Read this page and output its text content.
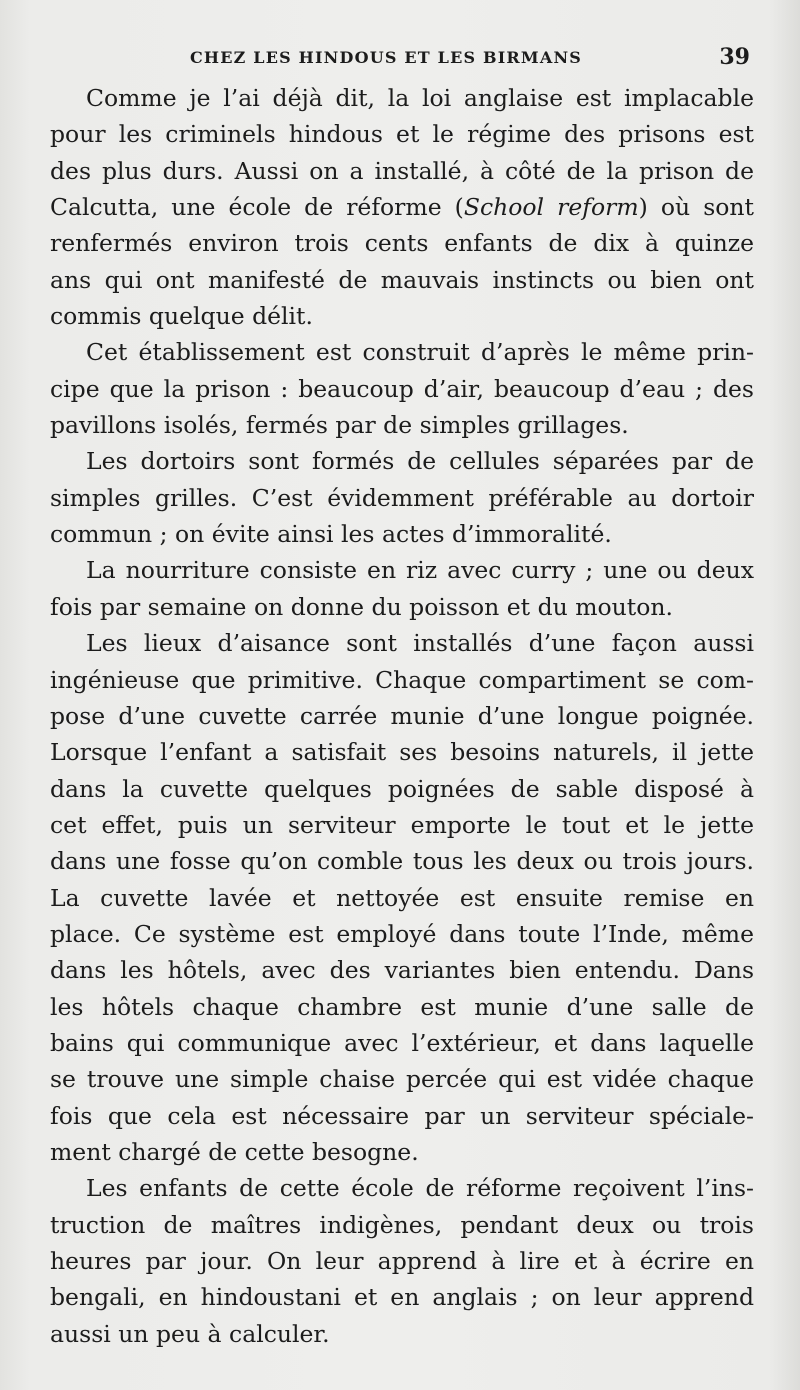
CHEZ LES HINDOUS ET LES BIRMANS	39
Comme je l’ai déjà dit, la loi anglaise est implacable
pour les criminels hindous et le régime des prisons est
des plus durs. Aussi on a installé, à côté de la prison de
Calcutta, une école de réforme (School reform) où sont
renfermés environ trois cents enfants de dix à quinze
ans qui ont manifesté de mauvais instincts ou bien ont
commis quelque délit.
Cet établissement est construit d’après le même prin-
cipe que la prison : beaucoup d’air, beaucoup d’eau ; des
pavillons isolés, fermés par de simples grillages.
Les dortoirs sont formés de cellules séparées par de
simples grilles. C’est évidemment préférable au dortoir
commun ; on évite ainsi les actes d’immoralité.
La nourriture consiste en riz avec curry ; une ou deux
fois par semaine on donne du poisson et du mouton.
Les lieux d’aisance sont installés d’une façon aussi
ingénieuse que primitive. Chaque compartiment se com-
pose d’une cuvette carrée munie d’une longue poignée.
Lorsque l’enfant a satisfait ses besoins naturels, il jette
dans la cuvette quelques poignées de sable disposé à
cet effet, puis un serviteur emporte le tout et le jette
dans une fosse qu’on comble tous les deux ou trois jours.
La cuvette lavée et nettoyée est ensuite remise en
place. Ce système est employé dans toute l’Inde, même
dans les hôtels, avec des variantes bien entendu. Dans
les hôtels chaque chambre est munie d’une salle de
bains qui communique avec l’extérieur, et dans laquelle
se trouve une simple chaise percée qui est vidée chaque
fois que cela est nécessaire par un serviteur spéciale-
ment chargé de cette besogne.
Les enfants de cette école de réforme reçoivent l’ins-
truction de maîtres indigènes, pendant deux ou trois
heures par jour. On leur apprend à lire et à écrire en
bengali, en hindoustani et en anglais ; on leur apprend
aussi un peu à calculer.
